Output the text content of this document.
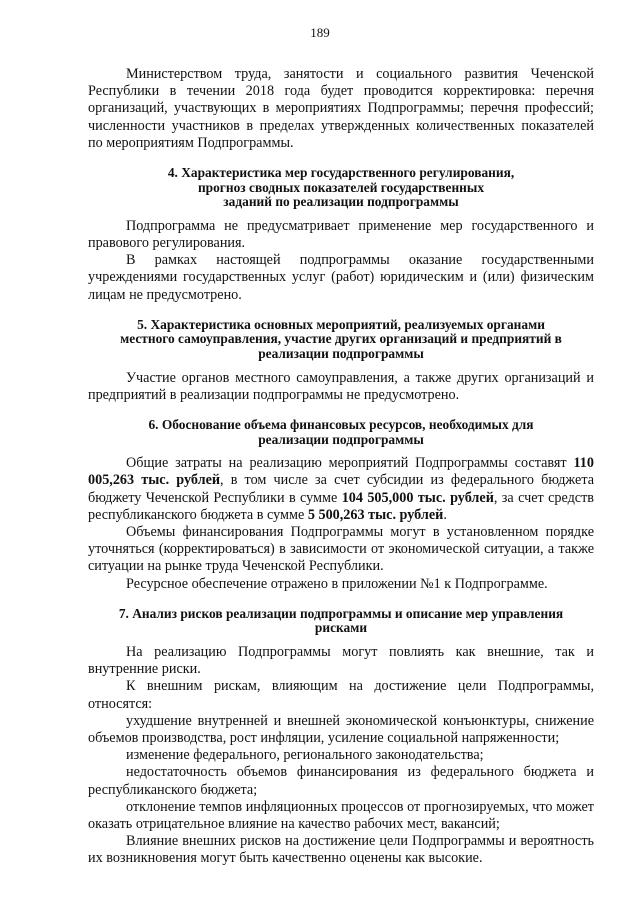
189

Министерством труда, занятости и социального развития Чеченской Республики в течении 2018 года будет проводится корректировка: перечня организаций, участвующих в мероприятиях Подпрограммы; перечня профессий; численности участников в пределах утвержденных количественных показателей по мероприятиям Подпрограммы.

4. Характеристика мер государственного регулирования,
прогноз сводных показателей государственных
заданий по реализации подпрограммы

Подпрограмма не предусматривает применение мер государственного и правового регулирования.

В рамках настоящей подпрограммы оказание государственными учреждениями государственных услуг (работ) юридическим и (или) физическим лицам не предусмотрено.

5. Характеристика основных мероприятий, реализуемых органами
местного самоуправления, участие других организаций и предприятий в
реализации подпрограммы

Участие органов местного самоуправления, а также других организаций и предприятий в реализации подпрограммы не предусмотрено.

6. Обоснование объема финансовых ресурсов, необходимых для
реализации подпрограммы

Общие затраты на реализацию мероприятий Подпрограммы составят 110 005,263 тыс. рублей, в том числе за счет субсидии из федерального бюджета бюджету Чеченской Республики в сумме 104 505,000 тыс. рублей, за счет средств республиканского бюджета в сумме 5 500,263 тыс. рублей.

Объемы финансирования Подпрограммы могут в установленном порядке уточняться (корректироваться) в зависимости от экономической ситуации, а также ситуации на рынке труда Чеченской Республики.

Ресурсное обеспечение отражено в приложении №1 к Подпрограмме.

7. Анализ рисков реализации подпрограммы и описание мер управления
рисками

На реализацию Подпрограммы могут повлиять как внешние, так и внутренние риски.

К внешним рискам, влияющим на достижение цели Подпрограммы, относятся:

ухудшение внутренней и внешней экономической конъюнктуры, снижение объемов производства, рост инфляции, усиление социальной напряженности;

изменение федерального, регионального законодательства;

недостаточность объемов финансирования из федерального бюджета и республиканского бюджета;

отклонение темпов инфляционных процессов от прогнозируемых, что может оказать отрицательное влияние на качество рабочих мест, вакансий;

Влияние внешних рисков на достижение цели Подпрограммы и вероятность их возникновения могут быть качественно оценены как высокие.
